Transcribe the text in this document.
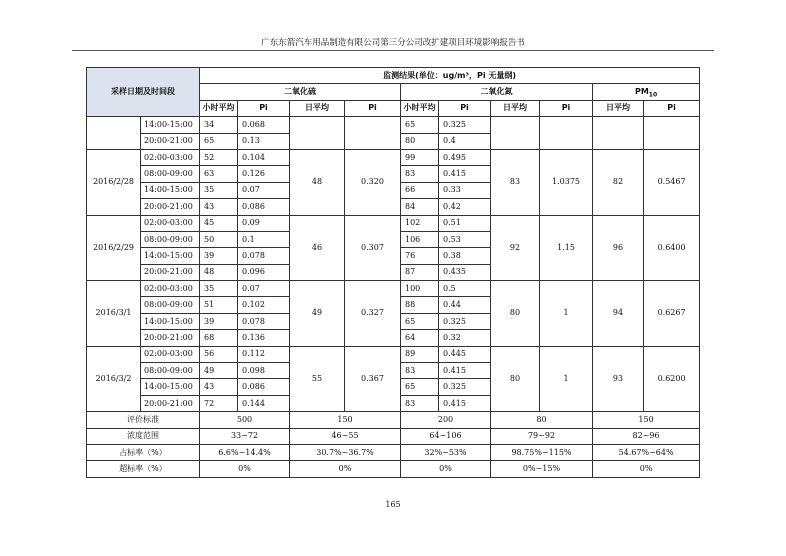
广东东箭汽车用品制造有限公司第三分公司改扩建项目环境影响报告书
采样日期及时间段		监测结果(单位：ug/m³，Pi 无量纲)									
		二氧化硫				二氧化氮				$PM_{10}$
		小时平均	Pi	日平均	Pi	小时平均	Pi	日平均	Pi	日平均	Pi
	14:00-15:00	34	0.068			65	0.325				
	20:00-21:00	65	0.13			80	0.4				
2016/2/28	02:00-03:00	52	0.104	48	0.320	99	0.495	83	1.0375	82	0.5467
	08:00-09:00	63	0.126			83	0.415				
	14:00-15:00	35	0.07			66	0.33				
	20:00-21:00	43	0.086			84	0.42				
2016/2/29	02:00-03:00	45	0.09	46	0.307	102	0.51	92	1.15	96	0.6400
	08:00-09:00	50	0.1			106	0.53				
	14:00-15:00	39	0.078			76	0.38				
	20:00-21:00	48	0.096			87	0.435				
2016/3/1	02:00-03:00	35	0.07	49	0.327	100	0.5	80	1	94	0.6267
	08:00-09:00	51	0.102			88	0.44				
	14:00-15:00	39	0.078			65	0.325				
	20:00-21:00	68	0.136			64	0.32				
2016/3/2	02:00-03:00	56	0.112	55	0.367	89	0.445	80	1	93	0.6200
	08:00-09:00	49	0.098			83	0.415				
	14:00-15:00	43	0.086			65	0.325				
	20:00-21:00	72	0.144			83	0.415				
评价标准		500		150		200		80		150	
浓度范围		33~72		46~55		64~106		79~92		82~96	
占标率（%）		6.6%~14.4%		30.7%~36.7%		32%~53%		98.75%~115%		54.67%~64%	
超标率（%）		0%		0%		0%		0%~15%		0%	
165
